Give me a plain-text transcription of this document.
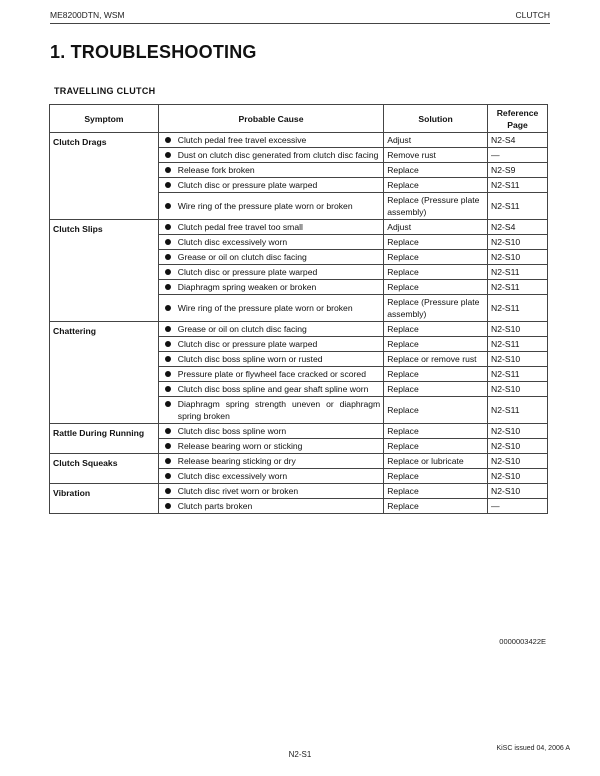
ME8200DTN, WSM	CLUTCH
1. TROUBLESHOOTING
TRAVELLING CLUTCH
Symptom	Probable Cause	Solution	Reference Page
Clutch Drags	Clutch pedal free travel excessive	Adjust	N2-S4

	Dust on clutch disc generated from clutch disc facing	Remove rust	—

	Release fork broken	Replace	N2-S9

	Clutch disc or pressure plate warped	Replace	N2-S11

	Wire ring of the pressure plate worn or broken	Replace (Pressure plate assembly)	N2-S11
Clutch Slips	Clutch pedal free travel too small	Adjust	N2-S4

	Clutch disc excessively worn	Replace	N2-S10

	Grease or oil on clutch disc facing	Replace	N2-S10

	Clutch disc or pressure plate warped	Replace	N2-S11

	Diaphragm spring weaken or broken	Replace	N2-S11

	Wire ring of the pressure plate worn or broken	Replace (Pressure plate assembly)	N2-S11
Chattering	Grease or oil on clutch disc facing	Replace	N2-S10

	Clutch disc or pressure plate warped	Replace	N2-S11

	Clutch disc boss spline worn or rusted	Replace or remove rust	N2-S10

	Pressure plate or flywheel face cracked or scored	Replace	N2-S11

	Clutch disc boss spline and gear shaft spline worn	Replace	N2-S10

	Diaphragm spring strength uneven or diaphragm spring broken	Replace	N2-S11
Rattle During Running	Clutch disc boss spline worn	Replace	N2-S10

	Release bearing worn or sticking	Replace	N2-S10
Clutch Squeaks	Release bearing sticking or dry	Replace or lubricate	N2-S10

	Clutch disc excessively worn	Replace	N2-S10
Vibration	Clutch disc rivet worn or broken	Replace	N2-S10

	Clutch parts broken	Replace	—
0000003422E
N2-S1
KiSC issued 04, 2006 A
